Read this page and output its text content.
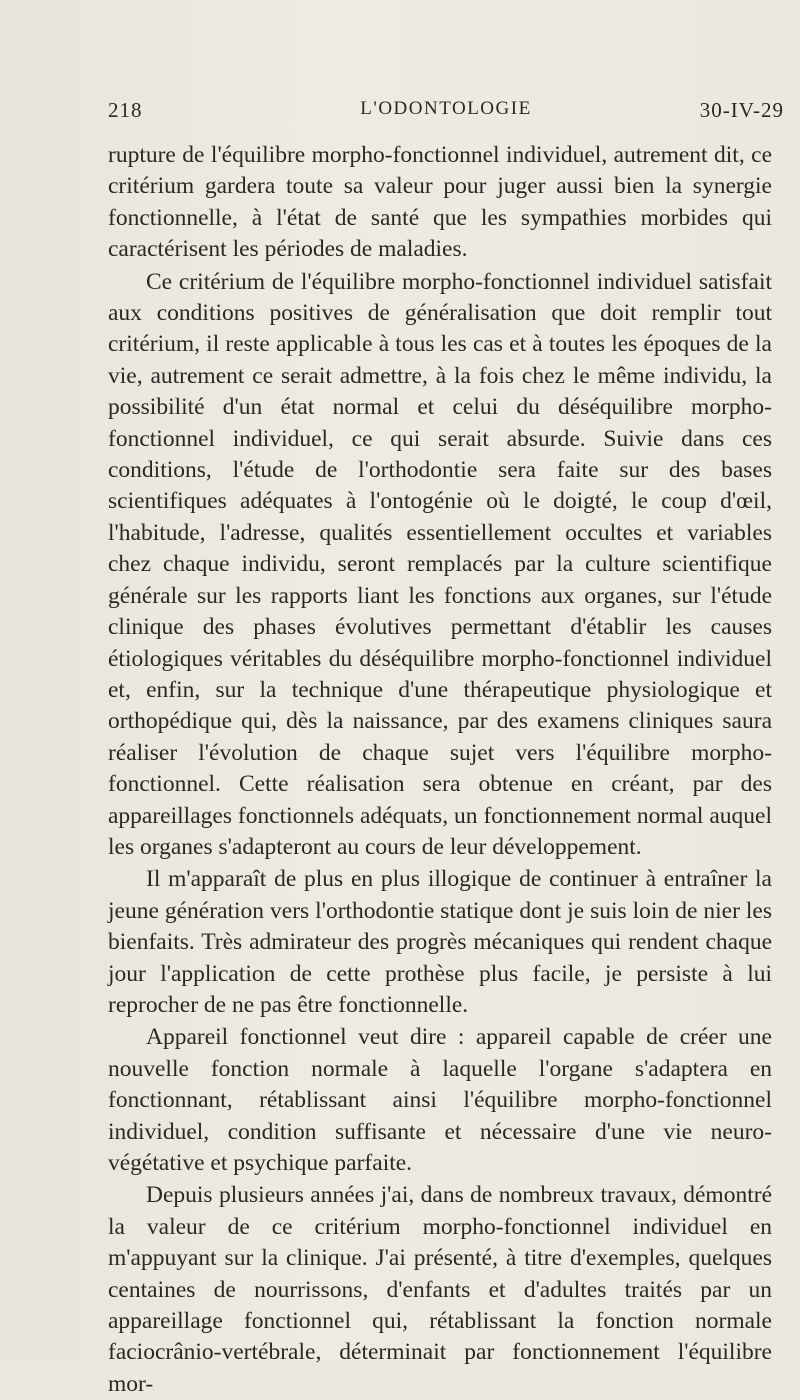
218	L'ODONTOLOGIE	30-IV-29

rupture de l'équilibre morpho-fonctionnel individuel, autrement dit, ce critérium gardera toute sa valeur pour juger aussi bien la synergie fonctionnelle, à l'état de santé que les sympathies morbides qui caractérisent les périodes de maladies.

Ce critérium de l'équilibre morpho-fonctionnel individuel satisfait aux conditions positives de généralisation que doit remplir tout critérium, il reste applicable à tous les cas et à toutes les époques de la vie, autrement ce serait admettre, à la fois chez le même individu, la possibilité d'un état normal et celui du déséquilibre morpho-fonctionnel individuel, ce qui serait absurde. Suivie dans ces conditions, l'étude de l'orthodontie sera faite sur des bases scientifiques adéquates à l'ontogénie où le doigté, le coup d'œil, l'habitude, l'adresse, qualités essentiellement occultes et variables chez chaque individu, seront remplacés par la culture scientifique générale sur les rapports liant les fonctions aux organes, sur l'étude clinique des phases évolutives permettant d'établir les causes étiologiques véritables du déséquilibre morpho-fonctionnel individuel et, enfin, sur la technique d'une thérapeutique physiologique et orthopédique qui, dès la naissance, par des examens cliniques saura réaliser l'évolution de chaque sujet vers l'équilibre morpho-fonctionnel. Cette réalisation sera obtenue en créant, par des appareillages fonctionnels adéquats, un fonctionnement normal auquel les organes s'adapteront au cours de leur développement.

Il m'apparaît de plus en plus illogique de continuer à entraîner la jeune génération vers l'orthodontie statique dont je suis loin de nier les bienfaits. Très admirateur des progrès mécaniques qui rendent chaque jour l'application de cette prothèse plus facile, je persiste à lui reprocher de ne pas être fonctionnelle.

Appareil fonctionnel veut dire : appareil capable de créer une nouvelle fonction normale à laquelle l'organe s'adaptera en fonctionnant, rétablissant ainsi l'équilibre morpho-fonctionnel individuel, condition suffisante et nécessaire d'une vie neuro-végétative et psychique parfaite.

Depuis plusieurs années j'ai, dans de nombreux travaux, démontré la valeur de ce critérium morpho-fonctionnel individuel en m'appuyant sur la clinique. J'ai présenté, à titre d'exemples, quelques centaines de nourrissons, d'enfants et d'adultes traités par un appareillage fonctionnel qui, rétablissant la fonction normale faciocrânio-vertébrale, déterminait par fonctionnement l'équilibre mor-
